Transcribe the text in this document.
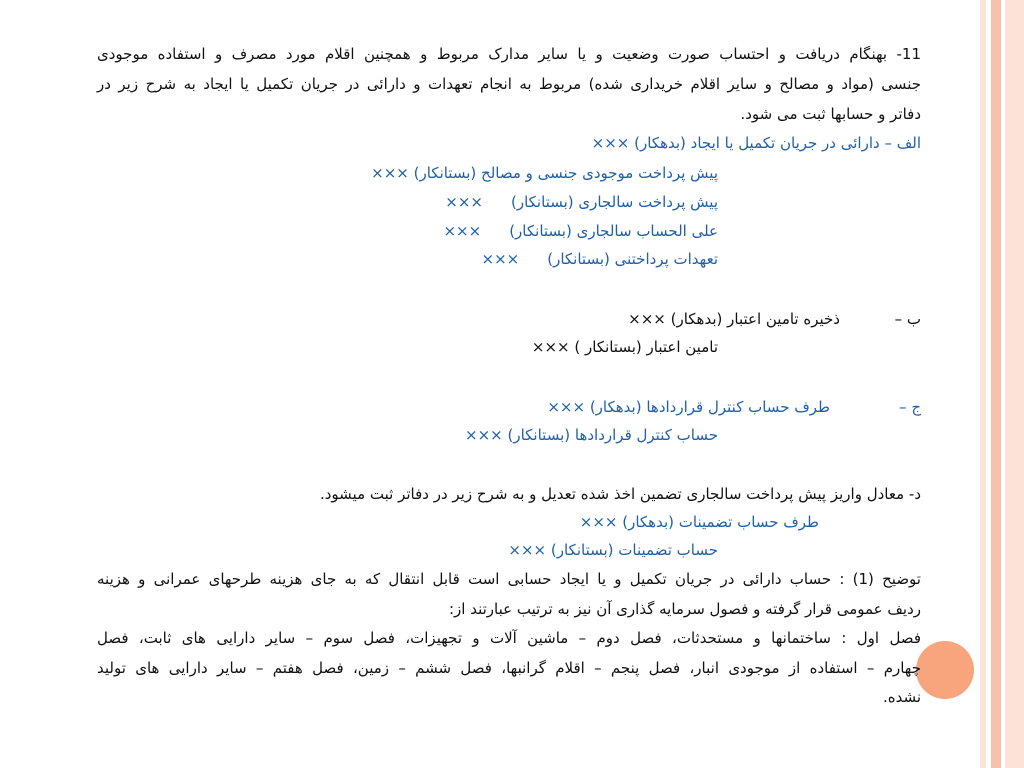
11- بهنگام دریافت و احتساب صورت وضعیت و یا سایر مدارک مربوط و همچنین اقلام مورد مصرف و استفاده موجودی
جنسی (مواد و مصالح و سایر اقلام خریداری شده) مربوط به انجام تعهدات و دارائی در جریان تکمیل یا ایجاد به شرح زیر در
دفاتر و حسابها ثبت می شود.
الف – دارائی در جریان تکمیل یا ایجاد (بدهکار) ×××
پیش پرداخت موجودی جنسی و مصالح (بستانکار) ×××
پیش پرداخت سالجاری (بستانکار)×××
علی الحساب سالجاری (بستانکار)×××
تعهدات پرداختنی (بستانکار)×××
ب –
ذخیره تامین اعتبار (بدهکار) ×××
تامین اعتبار (بستانکار ) ×××
ج –
طرف حساب کنترل قراردادها (بدهکار) ×××
حساب کنترل قراردادها (بستانکار) ×××
د- معادل واریز پیش پرداخت سالجاری تضمین اخذ شده تعدیل و به شرح زیر در دفاتر ثبت میشود.
طرف حساب تضمینات (بدهکار) ×××
حساب تضمینات (بستانکار) ×××
توضیح (1) : حساب دارائی در جریان تکمیل و یا ایجاد حسابی است قابل انتقال که به جای هزینه طرحهای عمرانی و هزینه
ردیف عمومی قرار گرفته و فصول سرمایه گذاری آن نیز به ترتیب عبارتند از:
فصل اول : ساختمانها و مستحدثات، فصل دوم – ماشین آلات و تجهیزات، فصل سوم – سایر دارایی های ثابت، فصل
چهارم – استفاده از موجودی انبار، فصل پنجم – اقلام گرانبها، فصل ششم – زمین، فصل هفتم – سایر دارایی های تولید
نشده.
